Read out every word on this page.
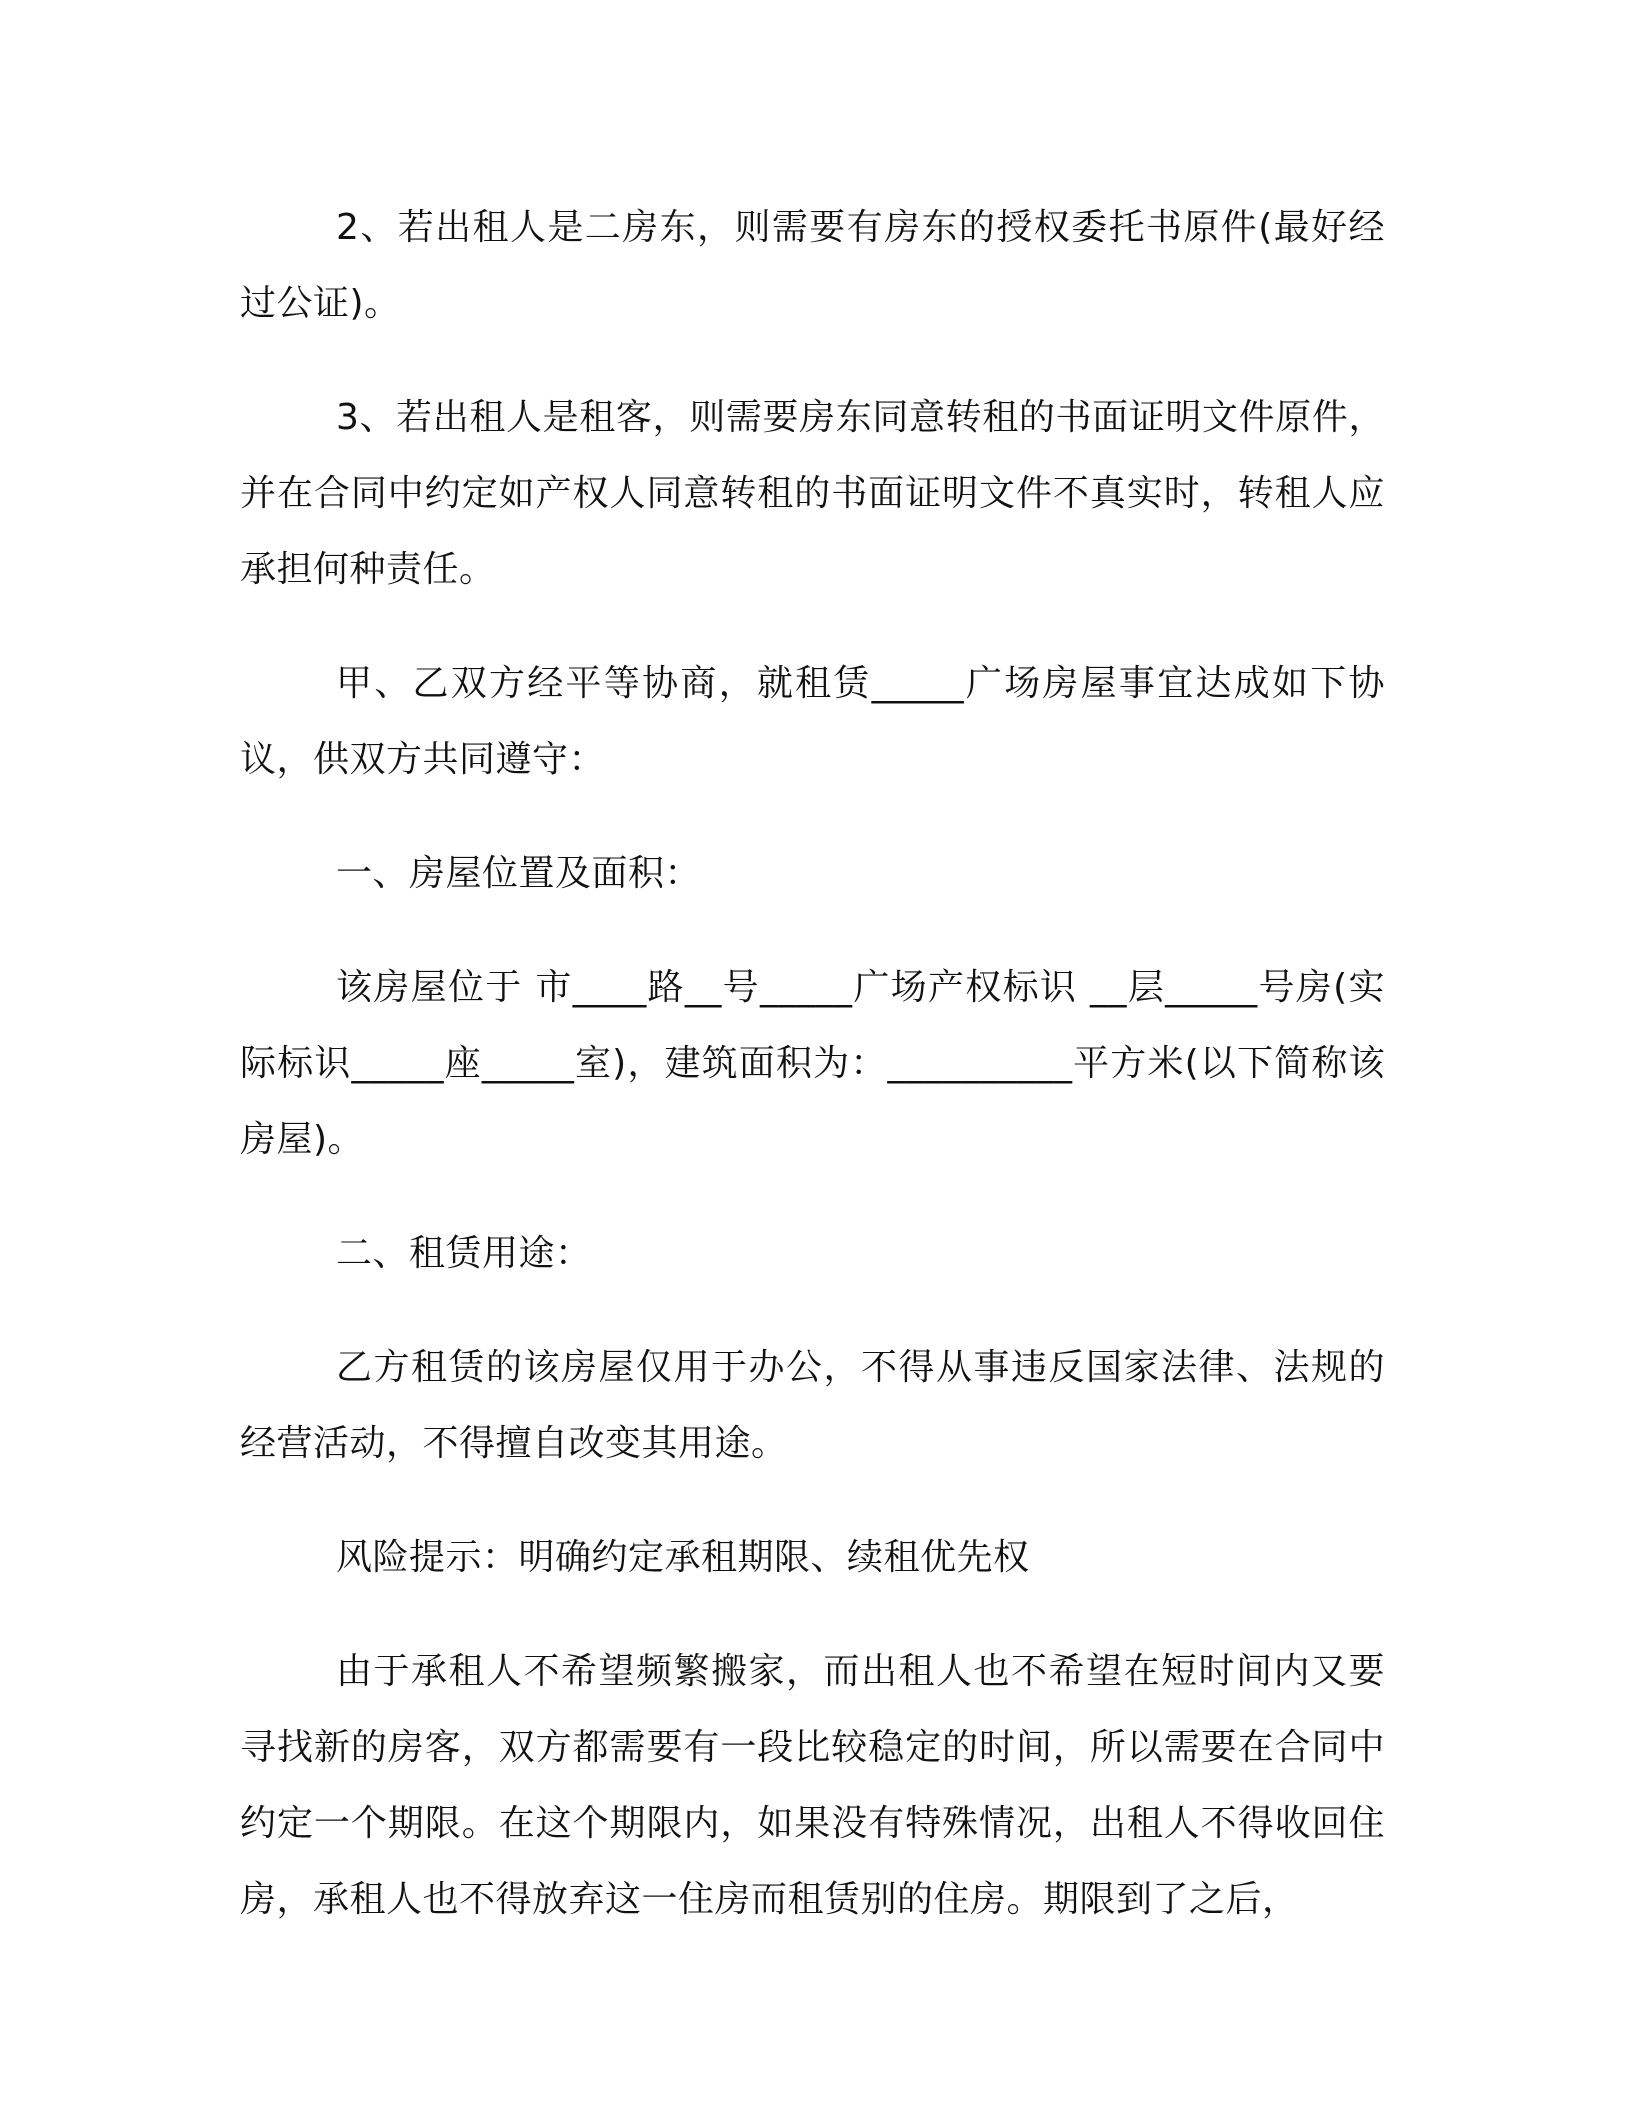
2、若出租人是二房东，则需要有房东的授权委托书原件(最好经过公证)。

3、若出租人是租客，则需要房东同意转租的书面证明文件原件，并在合同中约定如产权人同意转租的书面证明文件不真实时，转租人应承担何种责任。

甲、乙双方经平等协商，就租赁_____广场房屋事宜达成如下协议，供双方共同遵守：

一、房屋位置及面积：

该房屋位于 市____路__号_____广场产权标识 __层_____号房(实际标识_____座_____室)，建筑面积为：__________平方米(以下简称该房屋)。

二、租赁用途：

乙方租赁的该房屋仅用于办公，不得从事违反国家法律、法规的经营活动，不得擅自改变其用途。

风险提示：明确约定承租期限、续租优先权

由于承租人不希望频繁搬家，而出租人也不希望在短时间内又要寻找新的房客，双方都需要有一段比较稳定的时间，所以需要在合同中约定一个期限。在这个期限内，如果没有特殊情况，出租人不得收回住房，承租人也不得放弃这一住房而租赁别的住房。期限到了之后，
